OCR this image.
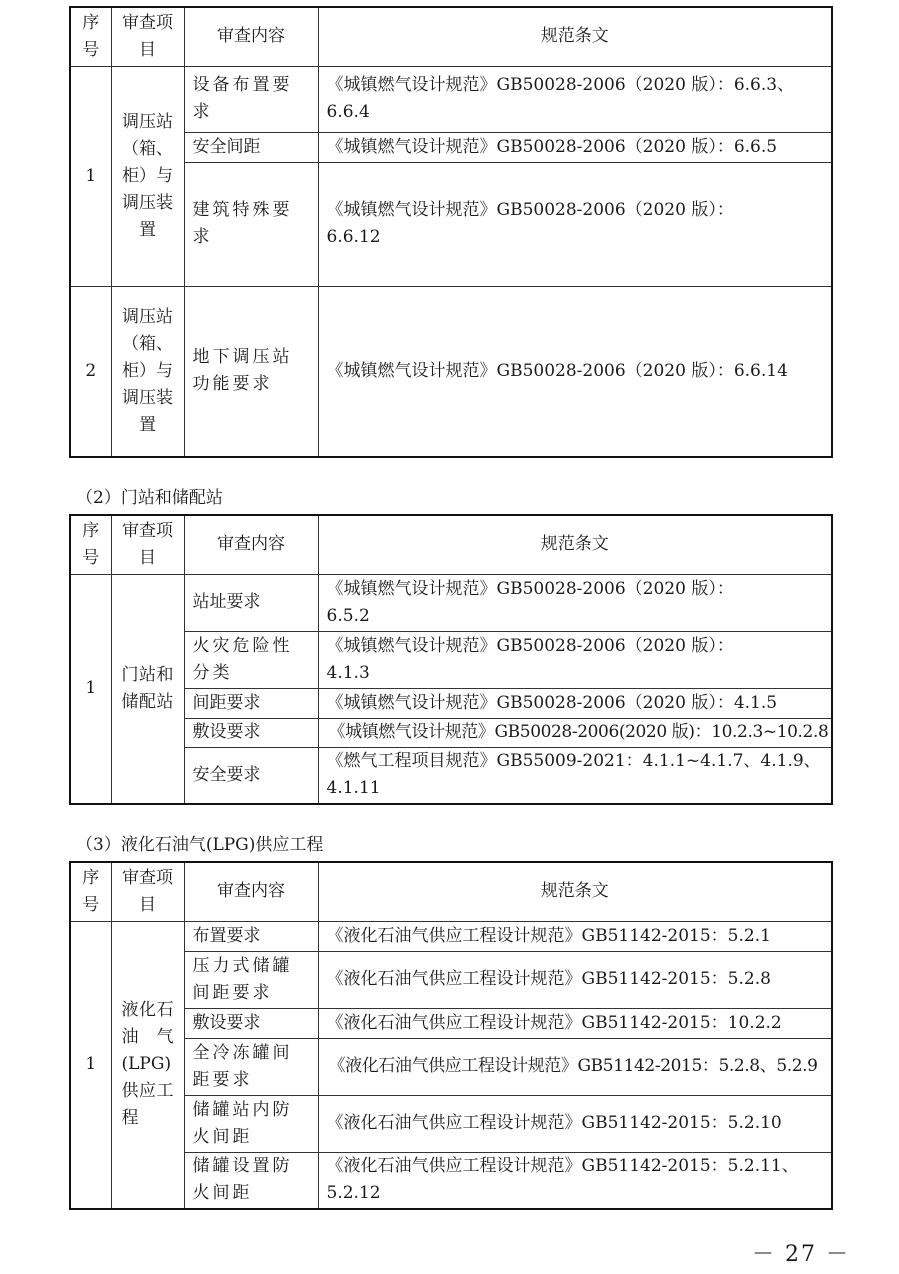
序号	审查项目	审查内容	规范条文
1	调压站（箱、柜）与调压装置	设备布置要求	《城镇燃气设计规范》GB50028-2006（2020 版）：6.6.3、6.6.4
		安全间距	《城镇燃气设计规范》GB50028-2006（2020 版）：6.6.5
		建筑特殊要求	《城镇燃气设计规范》GB50028-2006（2020 版）：6.6.12
2	调压站（箱、柜）与调压装置	地下调压站功能要求	《城镇燃气设计规范》GB50028-2006（2020 版）：6.6.14
（2）门站和储配站
序号	审查项目	审查内容	规范条文
1	门站和储配站	站址要求	《城镇燃气设计规范》GB50028-2006（2020 版）：6.5.2
		火灾危险性分类	《城镇燃气设计规范》GB50028-2006（2020 版）：4.1.3
		间距要求	《城镇燃气设计规范》GB50028-2006（2020 版）：4.1.5
		敷设要求	《城镇燃气设计规范》GB50028-2006(2020 版)：10.2.3~10.2.8
		安全要求	《燃气工程项目规范》GB55009-2021：4.1.1~4.1.7、4.1.9、4.1.11
（3）液化石油气(LPG)供应工程
序号	审查项目	审查内容	规范条文
1	液化石油气(LPG)供应工程	布置要求	《液化石油气供应工程设计规范》GB51142-2015：5.2.1
		压力式储罐间距要求	《液化石油气供应工程设计规范》GB51142-2015：5.2.8
		敷设要求	《液化石油气供应工程设计规范》GB51142-2015：10.2.2
		全冷冻罐间距要求	《液化石油气供应工程设计规范》GB51142-2015：5.2.8、5.2.9
		储罐站内防火间距	《液化石油气供应工程设计规范》GB51142-2015：5.2.10
		储罐设置防火间距	《液化石油气供应工程设计规范》GB51142-2015：5.2.11、5.2.12
－ 27 －
